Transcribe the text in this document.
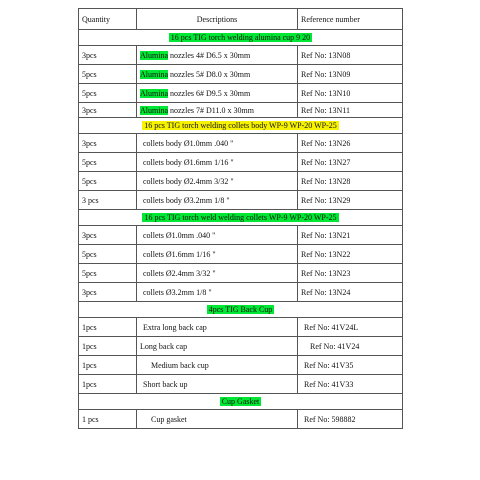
Quantity	Descriptions	Reference number
16 pcs TIG torch welding alumina cup 9 20		
3pcs	Alumina nozzles 4# D6.5 x 30mm	Ref No: 13N08
5pcs	Alumina nozzles 5# D8.0 x 30mm	Ref No: 13N09
5pcs	Alumina nozzles 6# D9.5 x 30mm	Ref No: 13N10
3pcs	Alumina nozzles 7# D11.0 x 30mm	Ref No: 13N11
16 pcs TIG torch welding collets body WP-9 WP-20 WP-25		
3pcs	collets body Ø1.0mm .040 "	Ref No: 13N26
5pcs	collets body Ø1.6mm 1/16 "	Ref No: 13N27
5pcs	collets body Ø2.4mm 3/32 "	Ref No: 13N28
3 pcs	collets body Ø3.2mm 1/8 "	Ref No: 13N29
16 pcs TIG torch weld welding collets WP-9 WP-20 WP-25		
3pcs	collets Ø1.0mm .040 "	Ref No: 13N21
5pcs	collets Ø1.6mm 1/16 "	Ref No: 13N22
5pcs	collets Ø2.4mm 3/32 "	Ref No: 13N23
3pcs	collets Ø3.2mm 1/8 "	Ref No: 13N24
4pcs TIG Back Cup		
1pcs	Extra long back cap	Ref No: 41V24L
1pcs	Long back cap	Ref No: 41V24
1pcs	Medium back cup	Ref No: 41V35
1pcs	Short back up	Ref No: 41V33
Cup Gasket		
1 pcs	Cup gasket	Ref No: 598882
